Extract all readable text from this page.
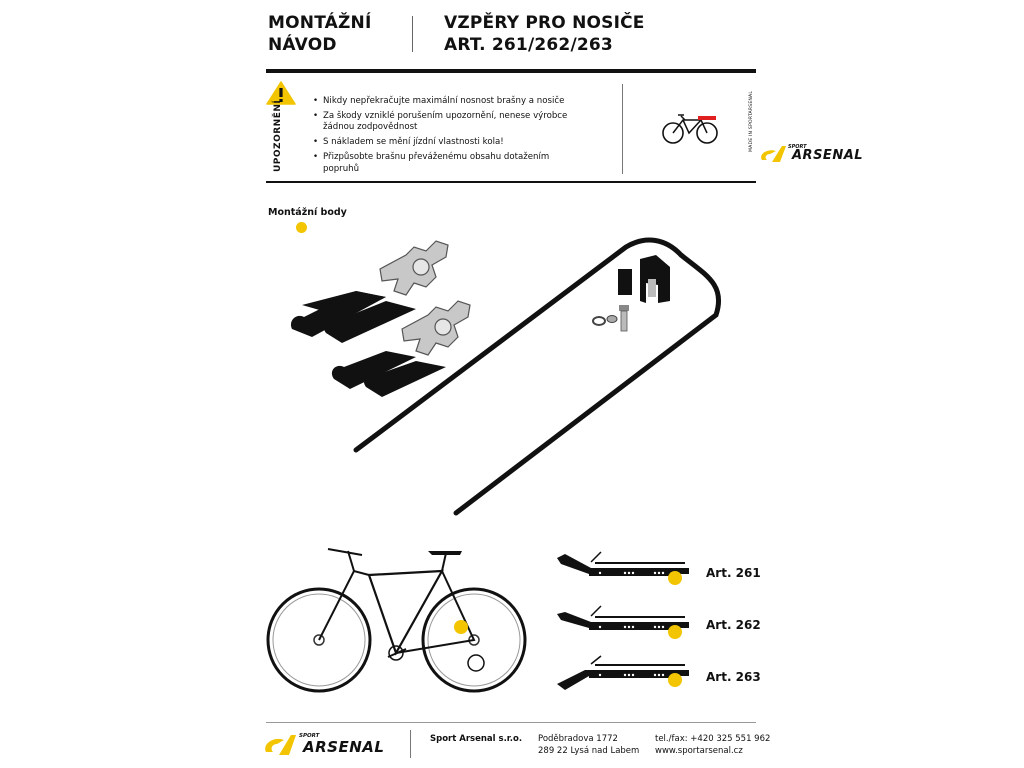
MONTÁŽNÍ
NÁVOD
VZPĚRY PRO NOSIČE
ART. 261/262/263
UPOZORNĚNÍ
•	Nikdy nepřekračujte maximální nosnost brašny a nosiče
• Za škody vzniklé porušením upozornění, nenese výrobce žádnou zodpovědnost
• S nákladem se mění jízdní vlastnosti kola!
• Přizpůsobte brašnu převáženému obsahu dotažením popruhů
MADE IN SPORTARSENAL	SPORT
ARSENAL
Montážní body
Art. 261
Art. 262
Art. 263
SPORT
ARSENAL	Sport Arsenal s.r.o. Poděbradova 1772
289 22 Lysá nad Labem
tel./fax: +420 325 551 962
www.sportarsenal.cz
